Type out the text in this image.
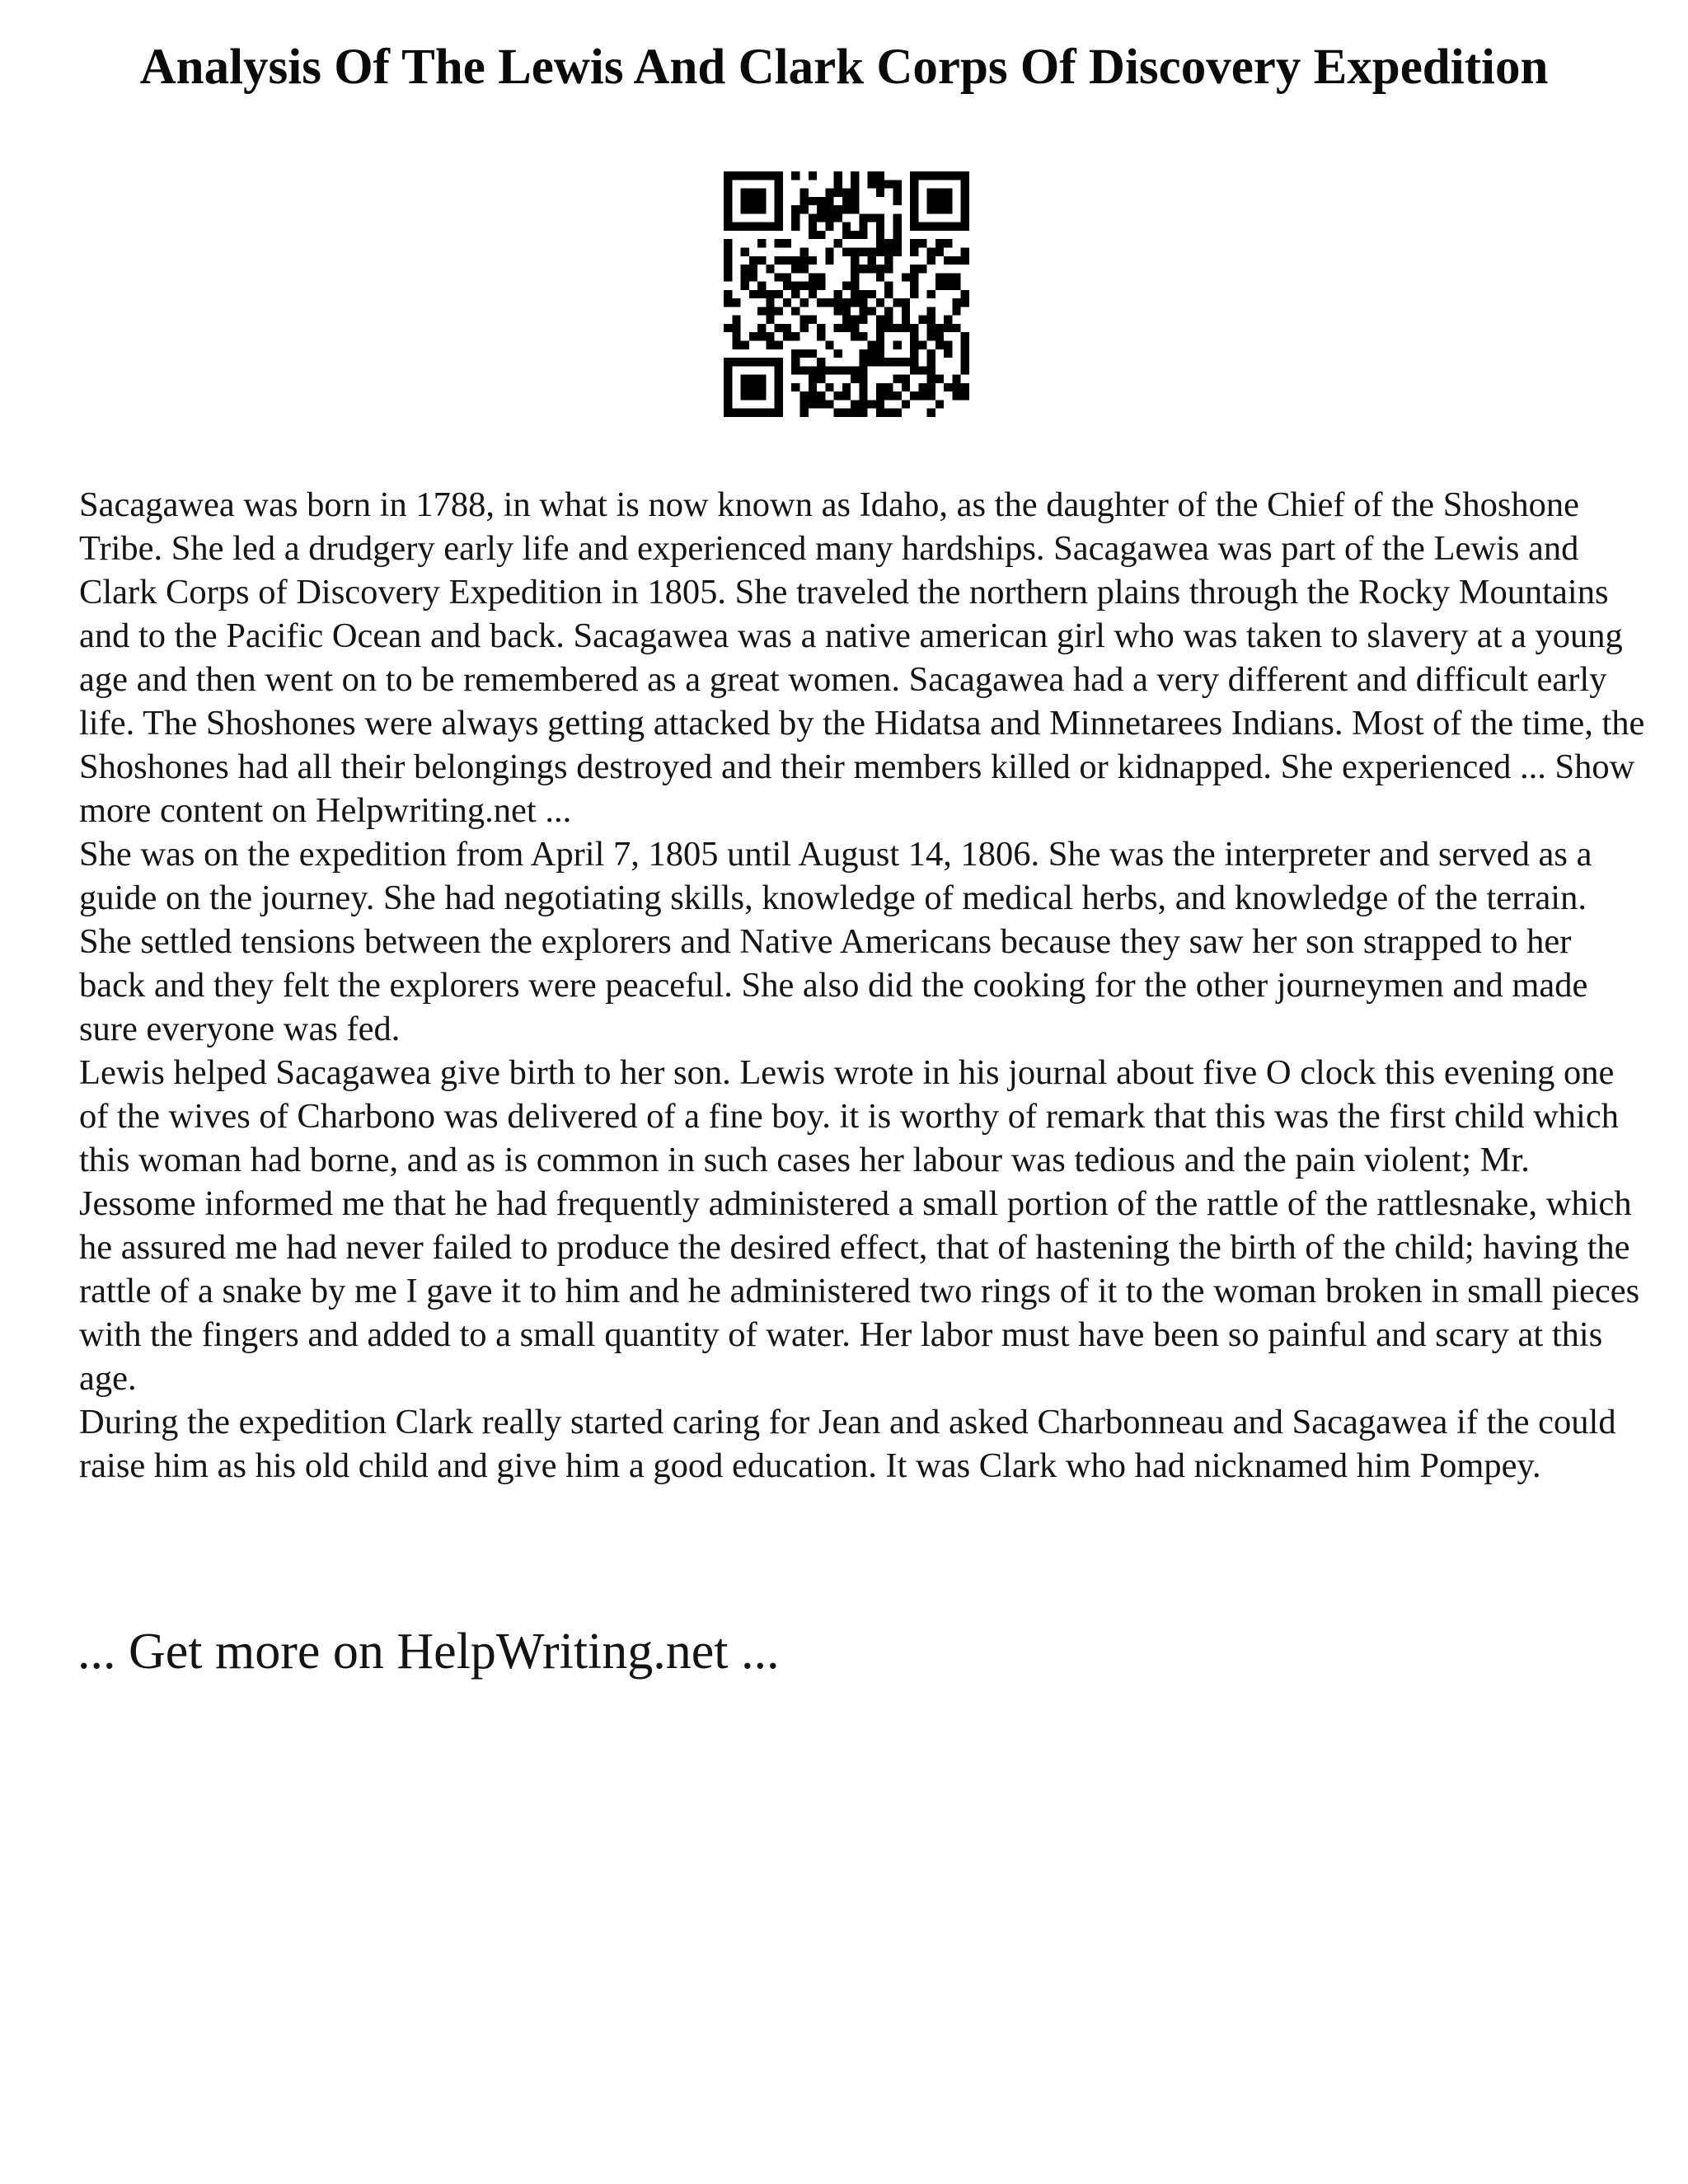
Analysis Of The Lewis And Clark Corps Of Discovery Expedition

Sacagawea was born in 1788, in what is now known as Idaho, as the daughter of the Chief of the Shoshone Tribe. She led a drudgery early life and experienced many hardships. Sacagawea was part of the Lewis and Clark Corps of Discovery Expedition in 1805. She traveled the northern plains through the Rocky Mountains and to the Pacific Ocean and back. Sacagawea was a native american girl who was taken to slavery at a young age and then went on to be remembered as a great women. Sacagawea had a very different and difficult early life. The Shoshones were always getting attacked by the Hidatsa and Minnetarees Indians. Most of the time, the Shoshones had all their belongings destroyed and their members killed or kidnapped. She experienced ... Show more content on Helpwriting.net ...

She was on the expedition from April 7, 1805 until August 14, 1806. She was the interpreter and served as a guide on the journey. She had negotiating skills, knowledge of medical herbs, and knowledge of the terrain. She settled tensions between the explorers and Native Americans because they saw her son strapped to her back and they felt the explorers were peaceful. She also did the cooking for the other journeymen and made sure everyone was fed.

Lewis helped Sacagawea give birth to her son. Lewis wrote in his journal about five O clock this evening one of the wives of Charbono was delivered of a fine boy. it is worthy of remark that this was the first child which this woman had borne, and as is common in such cases her labour was tedious and the pain violent; Mr. Jessome informed me that he had frequently administered a small portion of the rattle of the rattlesnake, which he assured me had never failed to produce the desired effect, that of hastening the birth of the child; having the rattle of a snake by me I gave it to him and he administered two rings of it to the woman broken in small pieces with the fingers and added to a small quantity of water. Her labor must have been so painful and scary at this age.

During the expedition Clark really started caring for Jean and asked Charbonneau and Sacagawea if the could raise him as his old child and give him a good education. It was Clark who had nicknamed him Pompey.

... Get more on HelpWriting.net ...
